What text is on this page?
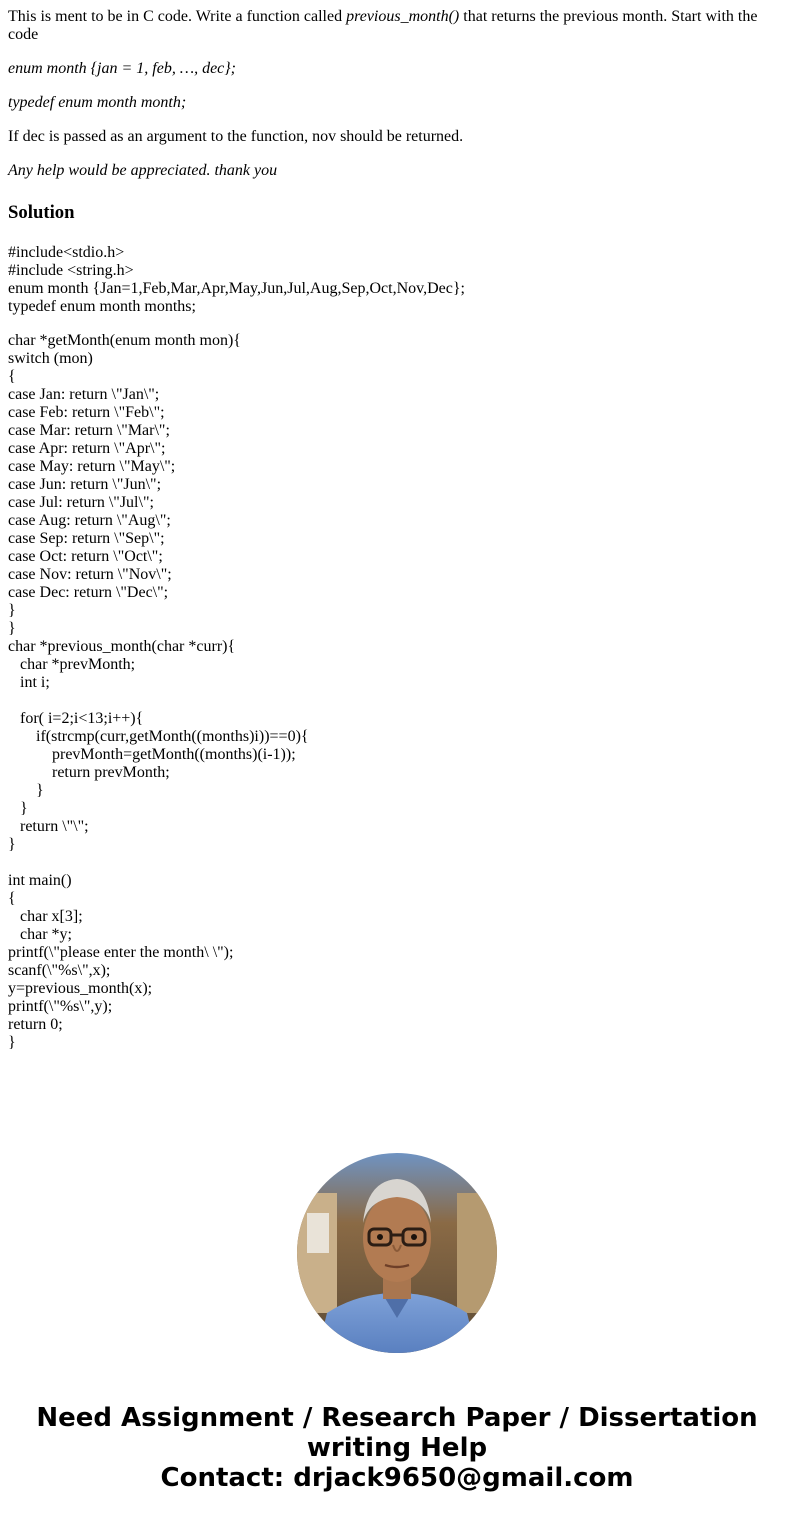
This is ment to be in C code. Write a function called previous_month() that returns the previous month. Start with the code

enum month {jan = 1, feb, …, dec};

typedef enum month month;

If dec is passed as an argument to the function, nov should be returned.

Any help would be appreciated. thank you

Solution
#include<stdio.h>
#include <string.h>
enum month {Jan=1,Feb,Mar,Apr,May,Jun,Jul,Aug,Sep,Oct,Nov,Dec};
typedef enum month months;
char *getMonth(enum month mon){
switch (mon)
{
case Jan: return \"Jan\";
case Feb: return \"Feb\";
case Mar: return \"Mar\";
case Apr: return \"Apr\";
case May: return \"May\";
case Jun: return \"Jun\";
case Jul: return \"Jul\";
case Aug: return \"Aug\";
case Sep: return \"Sep\";
case Oct: return \"Oct\";
case Nov: return \"Nov\";
case Dec: return \"Dec\";
}
}
char *previous_month(char *curr){
char *prevMonth;
int i;
for( i=2;i<13;i++){
if(strcmp(curr,getMonth((months)i))==0){
prevMonth=getMonth((months)(i-1));
return prevMonth;
}
}
return \"\";
}
int main()
{
char x[3];
char *y;
printf(\"please enter the month\ \");
scanf(\"%s\",x);
y=previous_month(x);
printf(\"%s\",y);
return 0;
}
Need Assignment / Research Paper / Dissertation
writing Help
Contact: drjack9650@gmail.com
